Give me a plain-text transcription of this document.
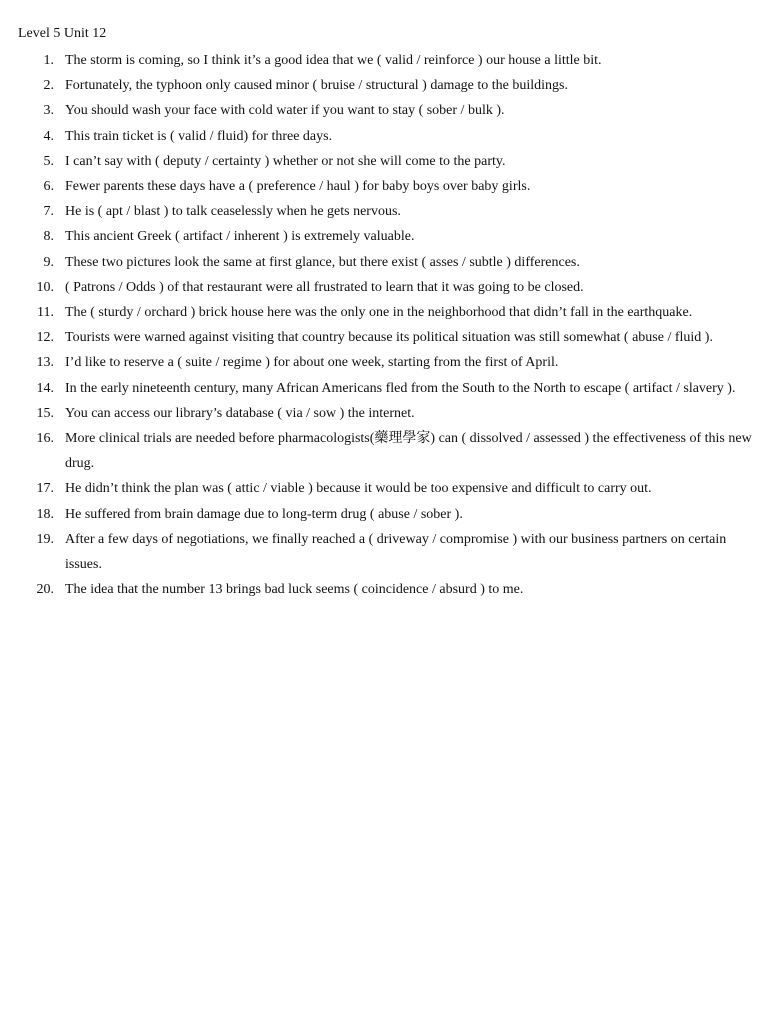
Level 5 Unit 12
1. The storm is coming, so I think it’s a good idea that we ( valid / reinforce ) our house a little bit.
2. Fortunately, the typhoon only caused minor ( bruise / structural ) damage to the buildings.
3. You should wash your face with cold water if you want to stay ( sober / bulk ).
4. This train ticket is ( valid / fluid) for three days.
5. I can’t say with ( deputy / certainty ) whether or not she will come to the party.
6. Fewer parents these days have a ( preference / haul ) for baby boys over baby girls.
7. He is ( apt / blast ) to talk ceaselessly when he gets nervous.
8. This ancient Greek ( artifact / inherent ) is extremely valuable.
9. These two pictures look the same at first glance, but there exist ( asses / subtle ) differences.
10. ( Patrons / Odds ) of that restaurant were all frustrated to learn that it was going to be closed.
11. The ( sturdy / orchard ) brick house here was the only one in the neighborhood that didn’t fall in the earthquake.
12. Tourists were warned against visiting that country because its political situation was still somewhat ( abuse / fluid ).
13. I’d like to reserve a ( suite / regime ) for about one week, starting from the first of April.
14. In the early nineteenth century, many African Americans fled from the South to the North to escape ( artifact / slavery ).
15. You can access our library’s database ( via / sow ) the internet.
16. More clinical trials are needed before pharmacologists(藥理學家) can ( dissolved / assessed ) the effectiveness of this new drug.
17. He didn’t think the plan was ( attic / viable ) because it would be too expensive and difficult to carry out.
18. He suffered from brain damage due to long-term drug ( abuse / sober ).
19. After a few days of negotiations, we finally reached a ( driveway / compromise ) with our business partners on certain issues.
20. The idea that the number 13 brings bad luck seems ( coincidence / absurd ) to me.
